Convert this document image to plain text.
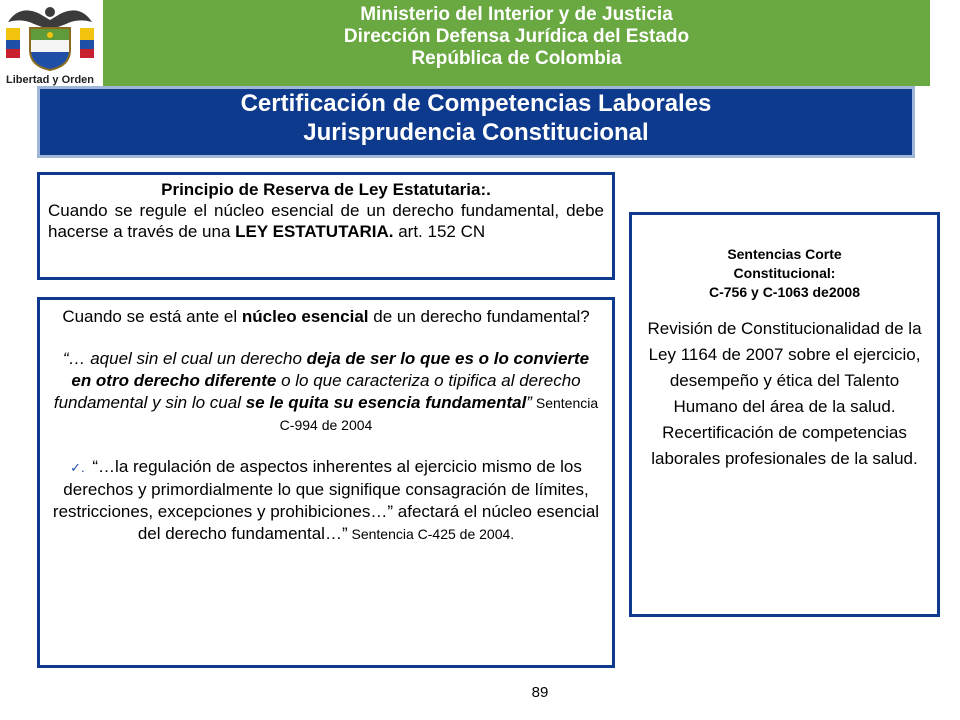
Libertad y Orden
Ministerio del Interior y de Justicia
Dirección Defensa Jurídica del Estado
República de Colombia
Certificación de Competencias Laborales
Jurisprudencia Constitucional
Principio de Reserva de Ley Estatutaria:.
Cuando se regule el núcleo esencial de un derecho fundamental, debe hacerse a través de una LEY ESTATUTARIA. art. 152 CN

Cuando se está ante el núcleo esencial de un derecho fundamental?

“… aquel sin el cual un derecho deja de ser lo que es o lo convierte en otro derecho diferente o lo que caracteriza o tipifica al derecho fundamental y sin lo cual se le quita su esencia fundamental” Sentencia C-994 de 2004

✓. “…la regulación de aspectos inherentes al ejercicio mismo de los derechos y primordialmente lo que signifique consagración de límites, restricciones, excepciones y prohibiciones…” afectará el núcleo esencial del derecho fundamental…” Sentencia C-425 de 2004.

Sentencias Corte
Constitucional:
C-756 y C-1063 de2008
Revisión de Constitucionalidad de la Ley 1164 de 2007 sobre el ejercicio, desempeño y ética del Talento Humano del área de la salud.
Recertificación de competencias laborales profesionales de la salud.
89
